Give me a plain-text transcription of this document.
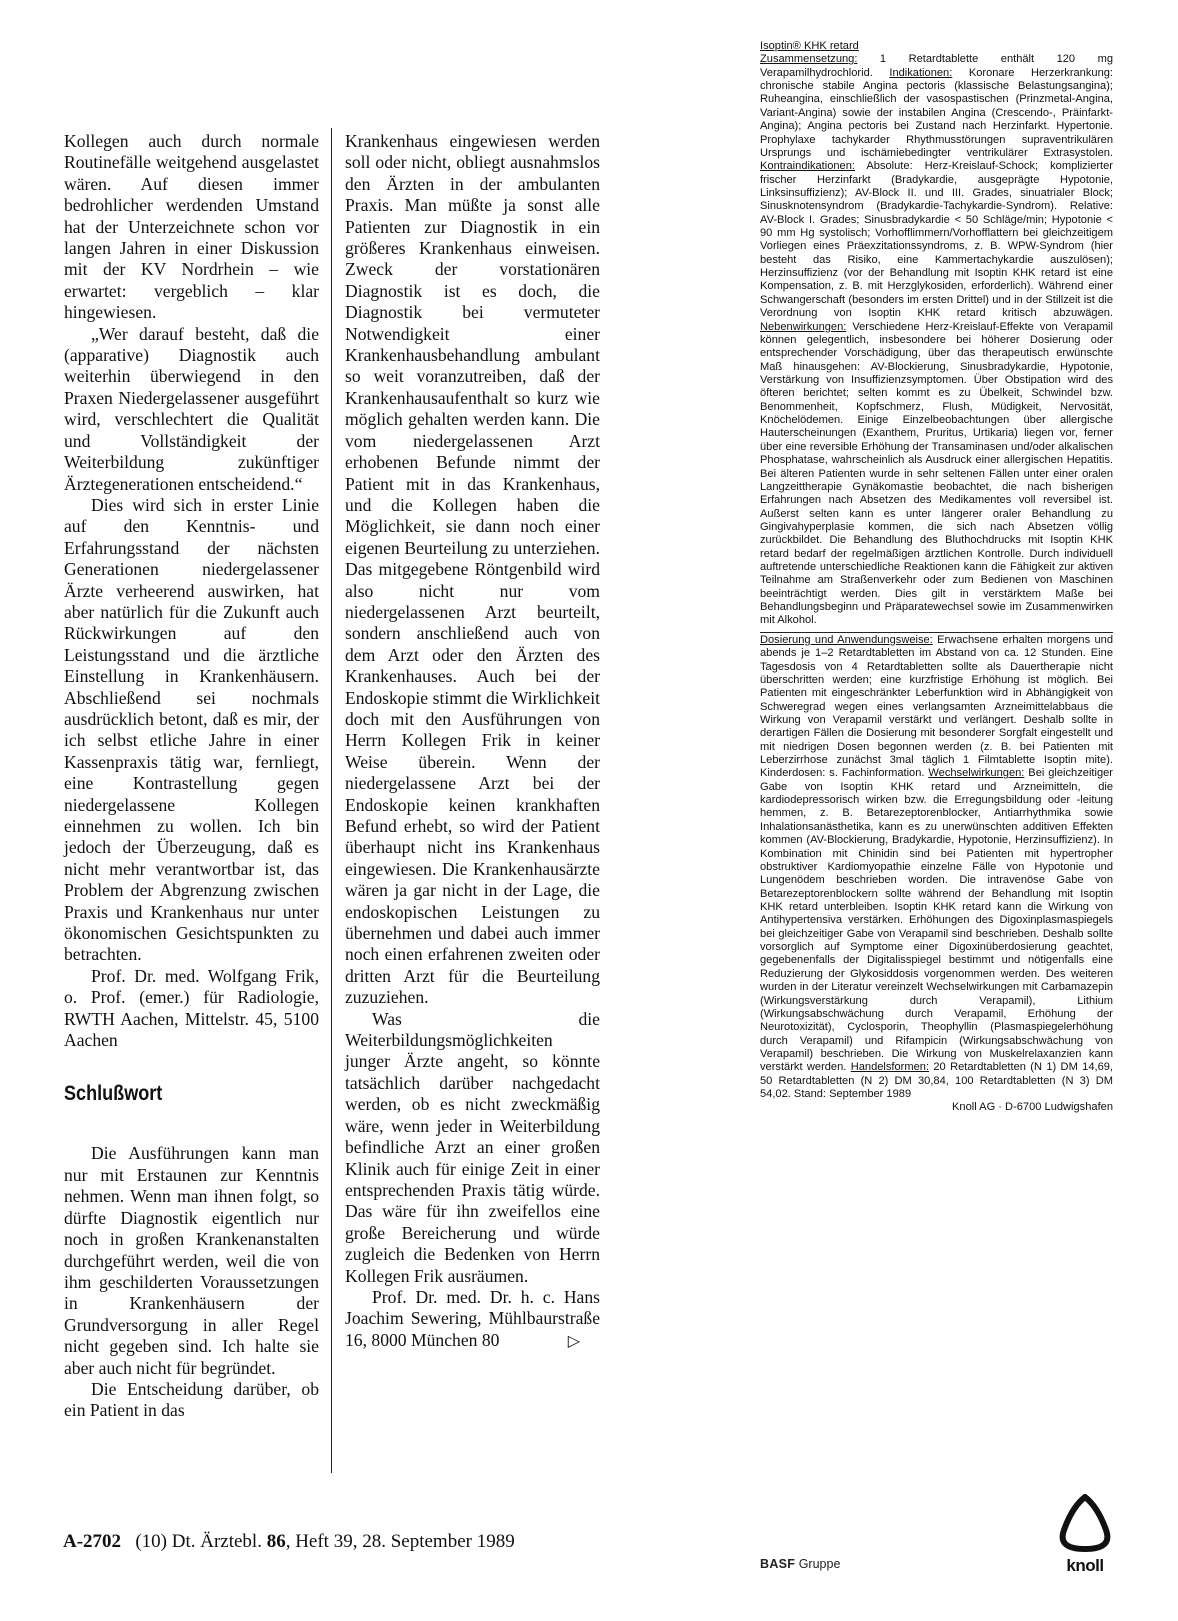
Kollegen auch durch normale Routinefälle weitgehend ausgelastet wären. Auf diesen immer bedrohlicher werdenden Umstand hat der Unterzeichnete schon vor langen Jahren in einer Diskussion mit der KV Nordrhein – wie erwartet: vergeblich – klar hingewiesen.

„Wer darauf besteht, daß die (apparative) Diagnostik auch weiterhin überwiegend in den Praxen Niedergelassener ausgeführt wird, verschlechtert die Qualität und Vollständigkeit der Weiterbildung zukünftiger Ärztegenerationen entscheidend.“

Dies wird sich in erster Linie auf den Kenntnis- und Erfahrungsstand der nächsten Generationen niedergelassener Ärzte verheerend auswirken, hat aber natürlich für die Zukunft auch Rückwirkungen auf den Leistungsstand und die ärztliche Einstellung in Krankenhäusern. Abschließend sei nochmals ausdrücklich betont, daß es mir, der ich selbst etliche Jahre in einer Kassenpraxis tätig war, fernliegt, eine Kontrastellung gegen niedergelassene Kollegen einnehmen zu wollen. Ich bin jedoch der Überzeugung, daß es nicht mehr verantwortbar ist, das Problem der Abgrenzung zwischen Praxis und Krankenhaus nur unter ökonomischen Gesichtspunkten zu betrachten.

Prof. Dr. med. Wolfgang Frik, o. Prof. (emer.) für Radiologie, RWTH Aachen, Mittelstr. 45, 5100 Aachen

Schlußwort

Die Ausführungen kann man nur mit Erstaunen zur Kenntnis nehmen. Wenn man ihnen folgt, so dürfte Diagnostik eigentlich nur noch in großen Krankenanstalten durchgeführt werden, weil die von ihm geschilderten Voraussetzungen in Krankenhäusern der Grundversorgung in aller Regel nicht gegeben sind. Ich halte sie aber auch nicht für begründet.

Die Entscheidung darüber, ob ein Patient in das

Krankenhaus eingewiesen werden soll oder nicht, obliegt ausnahmslos den Ärzten in der ambulanten Praxis. Man müßte ja sonst alle Patienten zur Diagnostik in ein größeres Krankenhaus einweisen. Zweck der vorstationären Diagnostik ist es doch, die Diagnostik bei vermuteter Notwendigkeit einer Krankenhausbehandlung ambulant so weit voranzutreiben, daß der Krankenhausaufenthalt so kurz wie möglich gehalten werden kann. Die vom niedergelassenen Arzt erhobenen Befunde nimmt der Patient mit in das Krankenhaus, und die Kollegen haben die Möglichkeit, sie dann noch einer eigenen Beurteilung zu unterziehen. Das mitgegebene Röntgenbild wird also nicht nur vom niedergelassenen Arzt beurteilt, sondern anschließend auch von dem Arzt oder den Ärzten des Krankenhauses. Auch bei der Endoskopie stimmt die Wirklichkeit doch mit den Ausführungen von Herrn Kollegen Frik in keiner Weise überein. Wenn der niedergelassene Arzt bei der Endoskopie keinen krankhaften Befund erhebt, so wird der Patient überhaupt nicht ins Krankenhaus eingewiesen. Die Krankenhausärzte wären ja gar nicht in der Lage, die endoskopischen Leistungen zu übernehmen und dabei auch immer noch einen erfahrenen zweiten oder dritten Arzt für die Beurteilung zuzuziehen.

Was die Weiterbildungsmöglichkeiten junger Ärzte angeht, so könnte tatsächlich darüber nachgedacht werden, ob es nicht zweckmäßig wäre, wenn jeder in Weiterbildung befindliche Arzt an einer großen Klinik auch für einige Zeit in einer entsprechenden Praxis tätig würde. Das wäre für ihn zweifellos eine große Bereicherung und würde zugleich die Bedenken von Herrn Kollegen Frik ausräumen.

Prof. Dr. med. Dr. h. c. Hans Joachim Sewering, Mühlbaurstraße 16, 8000 München 80	▷

A-2702 (10) Dt. Ärztebl. 86, Heft 39, 28. September 1989

Isoptin® KHK retard

Zusammensetzung: 1 Retardtablette enthält 120 mg Verapamilhydrochlorid. Indikationen: Koronare Herzerkrankung: chronische stabile Angina pectoris (klassische Belastungsangina); Ruheangina, einschließlich der vasospastischen (Prinzmetal-Angina, Variant-Angina) sowie der instabilen Angina (Crescendo-, Präinfarkt-Angina); Angina pectoris bei Zustand nach Herzinfarkt. Hypertonie. Prophylaxe tachykarder Rhythmusstörungen supraventrikulären Ursprungs und ischämiebedingter ventrikulärer Extrasystolen. Kontraindikationen: Absolute: Herz-Kreislauf-Schock; komplizierter frischer Herzinfarkt (Bradykardie, ausgeprägte Hypotonie, Linksinsuffizienz); AV-Block II. und III. Grades, sinuatrialer Block; Sinusknotensyndrom (Bradykardie-Tachykardie-Syndrom). Relative: AV-Block I. Grades; Sinusbradykardie < 50 Schläge/min; Hypotonie < 90 mm Hg systolisch; Vorhofflimmern/Vorhofflattern bei gleichzeitigem Vorliegen eines Präexzitationssyndroms, z. B. WPW-Syndrom (hier besteht das Risiko, eine Kammertachykardie auszulösen); Herzinsuffizienz (vor der Behandlung mit Isoptin KHK retard ist eine Kompensation, z. B. mit Herzglykosiden, erforderlich). Während einer Schwangerschaft (besonders im ersten Drittel) und in der Stillzeit ist die Verordnung von Isoptin KHK retard kritisch abzuwägen. Nebenwirkungen: Verschiedene Herz-Kreislauf-Effekte von Verapamil können gelegentlich, insbesondere bei höherer Dosierung oder entsprechender Vorschädigung, über das therapeutisch erwünschte Maß hinausgehen: AV-Blockierung, Sinusbradykardie, Hypotonie, Verstärkung von Insuffizienzsymptomen. Über Obstipation wird des öfteren berichtet; selten kommt es zu Übelkeit, Schwindel bzw. Benommenheit, Kopfschmerz, Flush, Müdigkeit, Nervosität, Knöchelödemen. Einige Einzelbeobachtungen über allergische Hauterscheinungen (Exanthem, Pruritus, Urtikaria) liegen vor, ferner über eine reversible Erhöhung der Transaminasen und/oder alkalischen Phosphatase, wahrscheinlich als Ausdruck einer allergischen Hepatitis. Bei älteren Patienten wurde in sehr seltenen Fällen unter einer oralen Langzeittherapie Gynäkomastie beobachtet, die nach bisherigen Erfahrungen nach Absetzen des Medikamentes voll reversibel ist. Außerst selten kann es unter längerer oraler Behandlung zu Gingivahyperplasie kommen, die sich nach Absetzen völlig zurückbildet. Die Behandlung des Bluthochdrucks mit Isoptin KHK retard bedarf der regelmäßigen ärztlichen Kontrolle. Durch individuell auftretende unterschiedliche Reaktionen kann die Fähigkeit zur aktiven Teilnahme am Straßenverkehr oder zum Bedienen von Maschinen beeinträchtigt werden. Dies gilt in verstärktem Maße bei Behandlungsbeginn und Präparatewechsel sowie im Zusammenwirken mit Alkohol.

Dosierung und Anwendungsweise: Erwachsene erhalten morgens und abends je 1–2 Retardtabletten im Abstand von ca. 12 Stunden. Eine Tagesdosis von 4 Retardtabletten sollte als Dauertherapie nicht überschritten werden; eine kurzfristige Erhöhung ist möglich. Bei Patienten mit eingeschränkter Leberfunktion wird in Abhängigkeit von Schweregrad wegen eines verlangsamten Arzneimittelabbaus die Wirkung von Verapamil verstärkt und verlängert. Deshalb sollte in derartigen Fällen die Dosierung mit besonderer Sorgfalt eingestellt und mit niedrigen Dosen begonnen werden (z. B. bei Patienten mit Leberzirrhose zunächst 3mal täglich 1 Filmtablette Isoptin mite). Kinderdosen: s. Fachinformation. Wechselwirkungen: Bei gleichzeitiger Gabe von Isoptin KHK retard und Arzneimitteln, die kardiodepressorisch wirken bzw. die Erregungsbildung oder -leitung hemmen, z. B. Betarezeptorenblocker, Antiarrhythmika sowie Inhalationsanästhetika, kann es zu unerwünschten additiven Effekten kommen (AV-Blockierung, Bradykardie, Hypotonie, Herzinsuffizienz). In Kombination mit Chinidin sind bei Patienten mit hypertropher obstruktiver Kardiomyopathie einzelne Fälle von Hypotonie und Lungenödem beschrieben worden. Die intravenöse Gabe von Betarezeptorenblockern sollte während der Behandlung mit Isoptin KHK retard unterbleiben. Isoptin KHK retard kann die Wirkung von Antihypertensiva verstärken. Erhöhungen des Digoxinplasmaspiegels bei gleichzeitiger Gabe von Verapamil sind beschrieben. Deshalb sollte vorsorglich auf Symptome einer Digoxinüberdosierung geachtet, gegebenenfalls der Digitalisspiegel bestimmt und nötigenfalls eine Reduzierung der Glykosiddosis vorgenommen werden. Des weiteren wurden in der Literatur vereinzelt Wechselwirkungen mit Carbamazepin (Wirkungsverstärkung durch Verapamil), Lithium (Wirkungsabschwächung durch Verapamil, Erhöhung der Neurotoxizität), Cyclosporin, Theophyllin (Plasmaspiegelerhöhung durch Verapamil) und Rifampicin (Wirkungsabschwächung von Verapamil) beschrieben. Die Wirkung von Muskelrelaxanzien kann verstärkt werden. Handelsformen: 20 Retardtabletten (N 1) DM 14,69, 50 Retardtabletten (N 2) DM 30,84, 100 Retardtabletten (N 3) DM 54,02. Stand: September 1989

Knoll AG · D-6700 Ludwigshafen

BASF Gruppe	knoll
